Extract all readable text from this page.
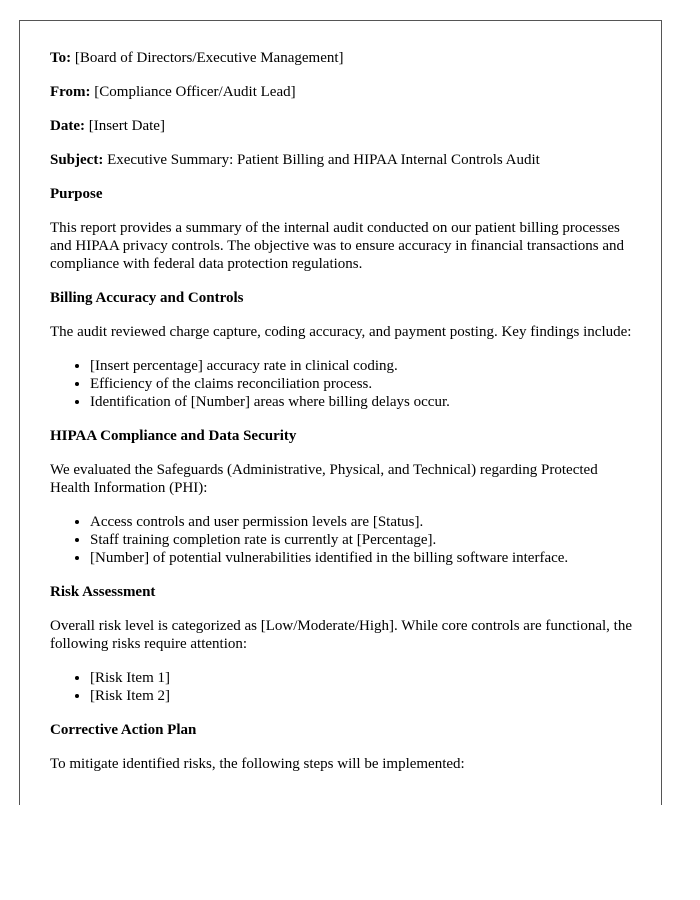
To: [Board of Directors/Executive Management]

From: [Compliance Officer/Audit Lead]

Date: [Insert Date]

Subject: Executive Summary: Patient Billing and HIPAA Internal Controls Audit

Purpose

This report provides a summary of the internal audit conducted on our patient billing processes and HIPAA privacy controls. The objective was to ensure accuracy in financial transactions and compliance with federal data protection regulations.

Billing Accuracy and Controls

The audit reviewed charge capture, coding accuracy, and payment posting. Key findings include:

• [Insert percentage] accuracy rate in clinical coding.
• Efficiency of the claims reconciliation process.
• Identification of [Number] areas where billing delays occur.

HIPAA Compliance and Data Security

We evaluated the Safeguards (Administrative, Physical, and Technical) regarding Protected Health Information (PHI):

• Access controls and user permission levels are [Status].
• Staff training completion rate is currently at [Percentage].
• [Number] of potential vulnerabilities identified in the billing software interface.

Risk Assessment

Overall risk level is categorized as [Low/Moderate/High]. While core controls are functional, the following risks require attention:

• [Risk Item 1]
• [Risk Item 2]

Corrective Action Plan

To mitigate identified risks, the following steps will be implemented:
